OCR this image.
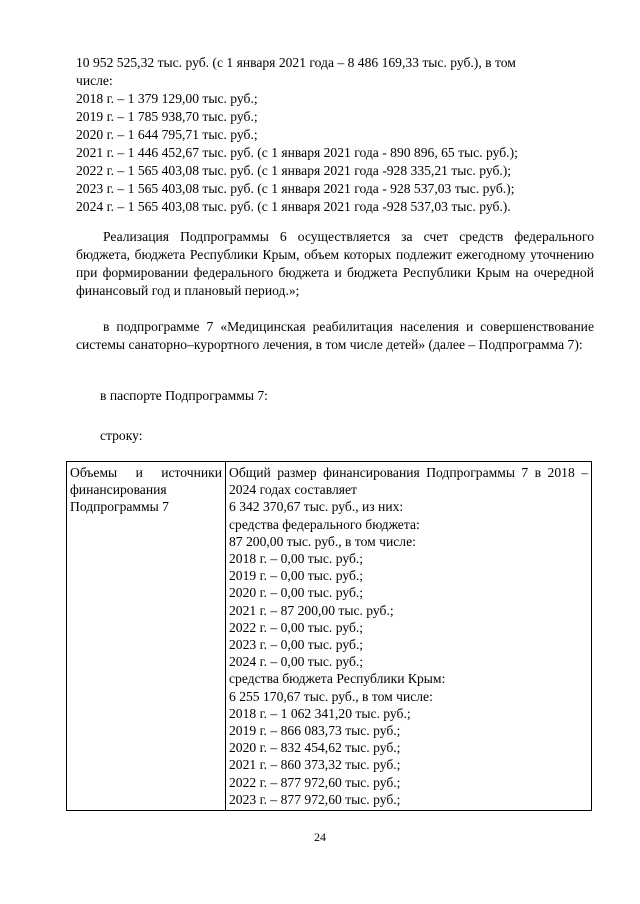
10 952 525,32 тыс. руб. (с 1 января 2021 года – 8 486 169,33 тыс. руб.), в том
числе:
2018 г. – 1 379 129,00 тыс. руб.;
2019 г. – 1 785 938,70 тыс. руб.;
2020 г. – 1 644 795,71 тыс. руб.;
2021 г. – 1 446 452,67 тыс. руб. (с 1 января 2021 года - 890 896, 65 тыс. руб.);
2022 г. – 1 565 403,08 тыс. руб. (с 1 января 2021 года -928 335,21 тыс. руб.);
2023 г. – 1 565 403,08 тыс. руб. (с 1 января 2021 года - 928 537,03 тыс. руб.);
2024 г. – 1 565 403,08 тыс. руб. (с 1 января 2021 года -928 537,03 тыс. руб.).
Реализация Подпрограммы 6 осуществляется за счет средств федерального бюджета, бюджета Республики Крым, объем которых подлежит ежегодному уточнению при формировании федерального бюджета и бюджета Республики Крым на очередной финансовый год и плановый период.»;
в подпрограмме 7 «Медицинская реабилитация населения и совершенствование системы санаторно–курортного лечения, в том числе детей» (далее – Подпрограмма 7):
в паспорте Подпрограммы 7:
строку:
Объемы и источники финансирования Подпрограммы 7

Общий размер финансирования Подпрограммы 7 в 2018 – 2024 годах составляет
6 342 370,67 тыс. руб., из них:
средства федерального бюджета:
87 200,00 тыс. руб., в том числе:
2018 г. – 0,00 тыс. руб.;
2019 г. – 0,00 тыс. руб.;
2020 г. – 0,00 тыс. руб.;
2021 г. – 87 200,00 тыс. руб.;
2022 г. – 0,00 тыс. руб.;
2023 г. – 0,00 тыс. руб.;
2024 г. – 0,00 тыс. руб.;
средства бюджета Республики Крым:
6 255 170,67 тыс. руб., в том числе:
2018 г. – 1 062 341,20 тыс. руб.;
2019 г. – 866 083,73 тыс. руб.;
2020 г. – 832 454,62 тыс. руб.;
2021 г. – 860 373,32 тыс. руб.;
2022 г. – 877 972,60 тыс. руб.;
2023 г. – 877 972,60 тыс. руб.;
24
